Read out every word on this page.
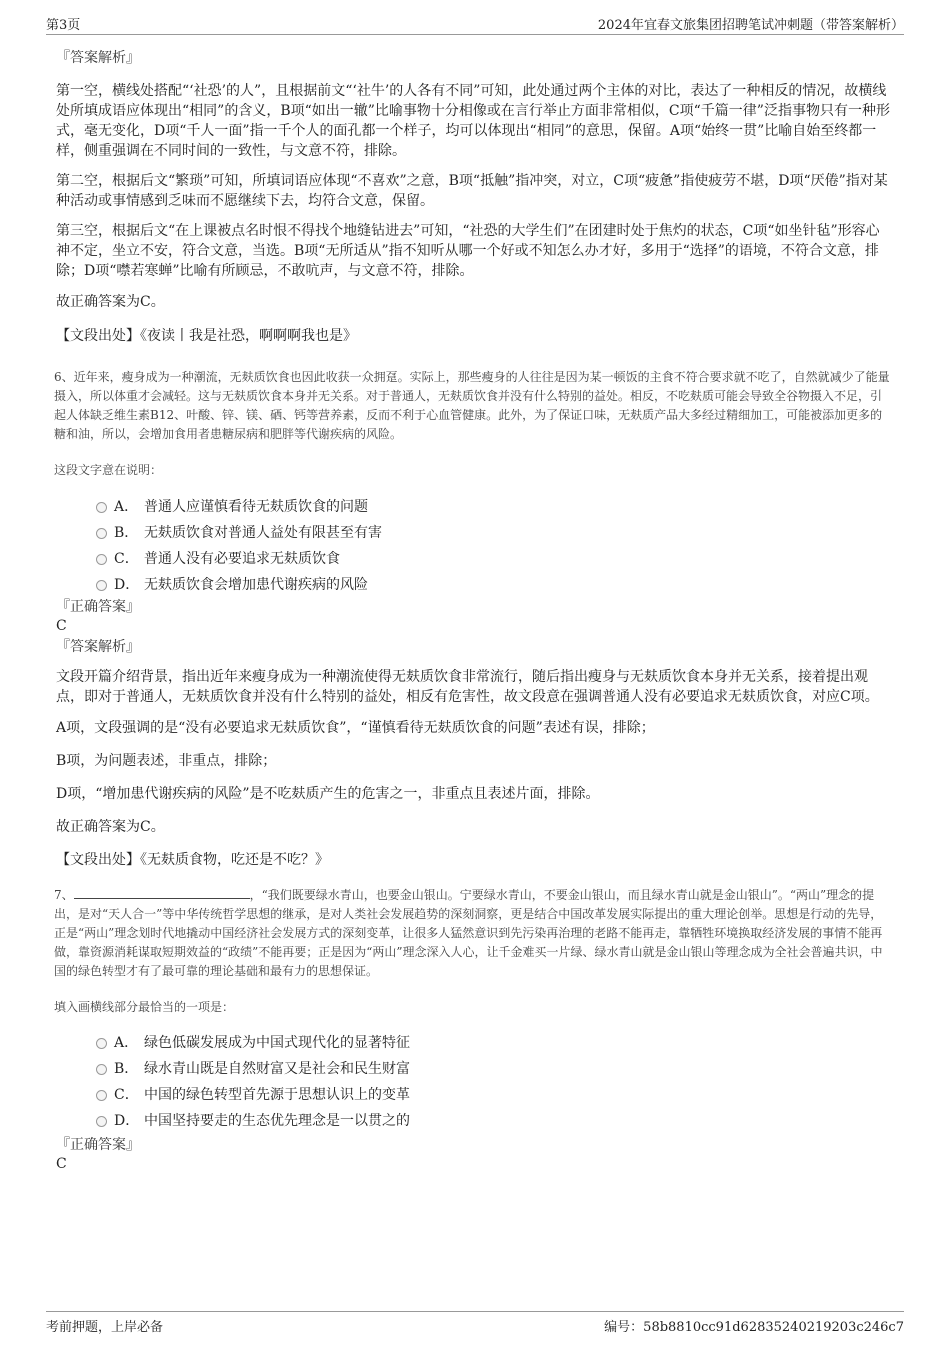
第3页	2024年宜春文旅集团招聘笔试冲刺题（带答案解析）
『答案解析』

第一空，横线处搭配“‘社恐’的人”，且根据前文“‘社牛’的人各有不同”可知，此处通过两个主体的对比，表达了一种相反的情况，故横线处所填成语应体现出“相同”的含义，B项“如出一辙”比喻事物十分相像或在言行举止方面非常相似，C项“千篇一律”泛指事物只有一种形式，毫无变化，D项“千人一面”指一千个人的面孔都一个样子，均可以体现出“相同”的意思，保留。A项“始终一贯”比喻自始至终都一样，侧重强调在不同时间的一致性，与文意不符，排除。

第二空，根据后文“繁琐”可知，所填词语应体现“不喜欢”之意，B项“抵触”指冲突，对立，C项“疲惫”指使疲劳不堪，D项“厌倦”指对某种活动或事情感到乏味而不愿继续下去，均符合文意，保留。

第三空，根据后文“在上课被点名时恨不得找个地缝钻进去”可知，“社恐的大学生们”在团建时处于焦灼的状态，C项“如坐针毡”形容心神不定，坐立不安，符合文意，当选。B项“无所适从”指不知听从哪一个好或不知怎么办才好，多用于“选择”的语境，不符合文意，排除；D项“噤若寒蝉”比喻有所顾忌，不敢吭声，与文意不符，排除。

故正确答案为C。

【文段出处】《夜读丨我是社恐，啊啊啊我也是》

6、近年来，瘦身成为一种潮流，无麸质饮食也因此收获一众拥趸。实际上，那些瘦身的人往往是因为某一顿饭的主食不符合要求就不吃了，自然就减少了能量摄入，所以体重才会减轻。这与无麸质饮食本身并无关系。对于普通人，无麸质饮食并没有什么特别的益处。相反，不吃麸质可能会导致全谷物摄入不足，引起人体缺乏维生素B12、叶酸、锌、镁、硒、钙等营养素，反而不利于心血管健康。此外，为了保证口味，无麸质产品大多经过精细加工，可能被添加更多的糖和油，所以，会增加食用者患糖尿病和肥胖等代谢疾病的风险。

这段文字意在说明：
A． 普通人应谨慎看待无麸质饮食的问题
B． 无麸质饮食对普通人益处有限甚至有害
C． 普通人没有必要追求无麸质饮食
D． 无麸质饮食会增加患代谢疾病的风险
『正确答案』
C
『答案解析』

文段开篇介绍背景，指出近年来瘦身成为一种潮流使得无麸质饮食非常流行，随后指出瘦身与无麸质饮食本身并无关系，接着提出观点，即对于普通人，无麸质饮食并没有什么特别的益处，相反有危害性，故文段意在强调普通人没有必要追求无麸质饮食，对应C项。

A项，文段强调的是“没有必要追求无麸质饮食”，“谨慎看待无麸质饮食的问题”表述有误，排除；

B项，为问题表述，非重点，排除；

D项，“增加患代谢疾病的风险”是不吃麸质产生的危害之一，非重点且表述片面，排除。

故正确答案为C。

【文段出处】《无麸质食物，吃还是不吃？》

7、	，“我们既要绿水青山，也要金山银山。宁要绿水青山，不要金山银山，而且绿水青山就是金山银山”。“两山”理念的提出，是对“天人合一”等中华传统哲学思想的继承，是对人类社会发展趋势的深刻洞察，更是结合中国改革发展实际提出的重大理论创举。思想是行动的先导，正是“两山”理念划时代地撬动中国经济社会发展方式的深刻变革，让很多人猛然意识到先污染再治理的老路不能再走，靠牺牲环境换取经济发展的事情不能再做，靠资源消耗谋取短期效益的“政绩”不能再要；正是因为“两山”理念深入人心，让千金难买一片绿、绿水青山就是金山银山等理念成为全社会普遍共识，中国的绿色转型才有了最可靠的理论基础和最有力的思想保证。

填入画横线部分最恰当的一项是：
A． 绿色低碳发展成为中国式现代化的显著特征
B． 绿水青山既是自然财富又是社会和民生财富
C． 中国的绿色转型首先源于思想认识上的变革
D． 中国坚持要走的生态优先理念是一以贯之的
『正确答案』
C
考前押题，上岸必备	编号：58b8810cc91d62835240219203c246c7
